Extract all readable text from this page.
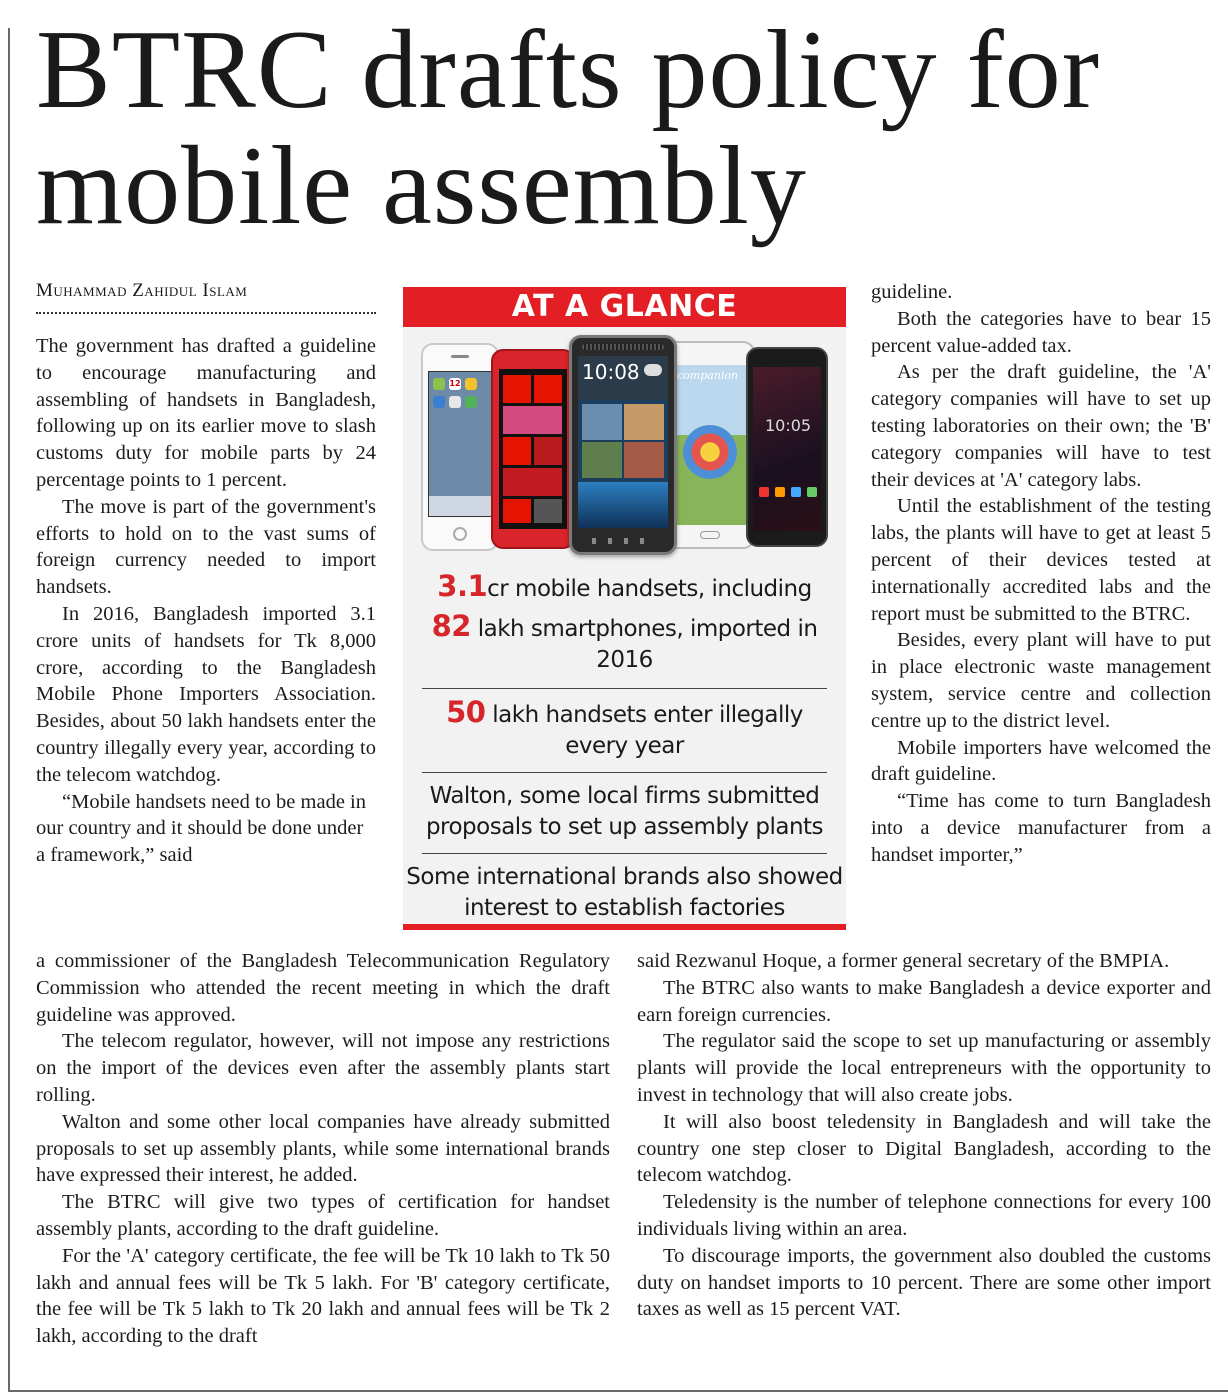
BTRC drafts policy for
mobile assembly
Muhammad Zahidul Islam

The government has drafted a guideline to encourage manufacturing and assembling of handsets in Bangladesh, following up on its earlier move to slash customs duty for mobile parts by 24 percentage points to 1 percent.

The move is part of the government's efforts to hold on to the vast sums of foreign currency needed to import handsets.

In 2016, Bangladesh imported 3.1 crore units of handsets for Tk 8,000 crore, according to the Bangladesh Mobile Phone Importers Association. Besides, about 50 lakh handsets enter the country illegally every year, according to the telecom watchdog.

“Mobile handsets need to be made in our country and it should be done under a framework,” said

a commissioner of the Bangladesh Telecommunication Regulatory Commission who attended the recent meeting in which the draft guideline was approved.

The telecom regulator, however, will not impose any restrictions on the import of the devices even after the assembly plants start rolling.

Walton and some other local companies have already submitted proposals to set up assembly plants, while some international brands have expressed their interest, he added.

The BTRC will give two types of certification for handset assembly plants, according to the draft guideline.

For the 'A' category certificate, the fee will be Tk 10 lakh to Tk 50 lakh and annual fees will be Tk 5 lakh. For 'B' category certificate, the fee will be Tk 5 lakh to Tk 20 lakh and annual fees will be Tk 2 lakh, according to the draft

guideline.

Both the categories have to bear 15 percent value-added tax.

As per the draft guideline, the 'A' category companies will have to set up testing laboratories on their own; the 'B' category companies will have to test their devices at 'A' category labs.

Until the establishment of the testing labs, the plants will have to get at least 5 percent of their devices tested at internationally accredited labs and the report must be submitted to the BTRC.

Besides, every plant will have to put in place electronic waste management system, service centre and collection centre up to the district level.

Mobile importers have welcomed the draft guideline.

“Time has come to turn Bangladesh into a device manufacturer from a handset importer,”

said Rezwanul Hoque, a former general secretary of the BMPIA.

The BTRC also wants to make Bangladesh a device exporter and earn foreign currencies.

The regulator said the scope to set up manufacturing or assembly plants will provide the local entrepreneurs with the opportunity to invest in technology that will also create jobs.

It will also boost teledensity in Bangladesh and will take the country one step closer to Digital Bangladesh, according to the telecom watchdog.

Teledensity is the number of telephone connections for every 100 individuals living within an area.

To discourage imports, the government also doubled the customs duty on handset imports to 10 percent. There are some other import taxes as well as 15 percent VAT.

AT A GLANCE
12
companion
10:05
10:08
3.1cr mobile handsets, including
82 lakh smartphones, imported in 2016
50 lakh handsets enter illegally
every year
Walton, some local firms submitted
proposals to set up assembly plants
Some international brands also showed
interest to establish factories
